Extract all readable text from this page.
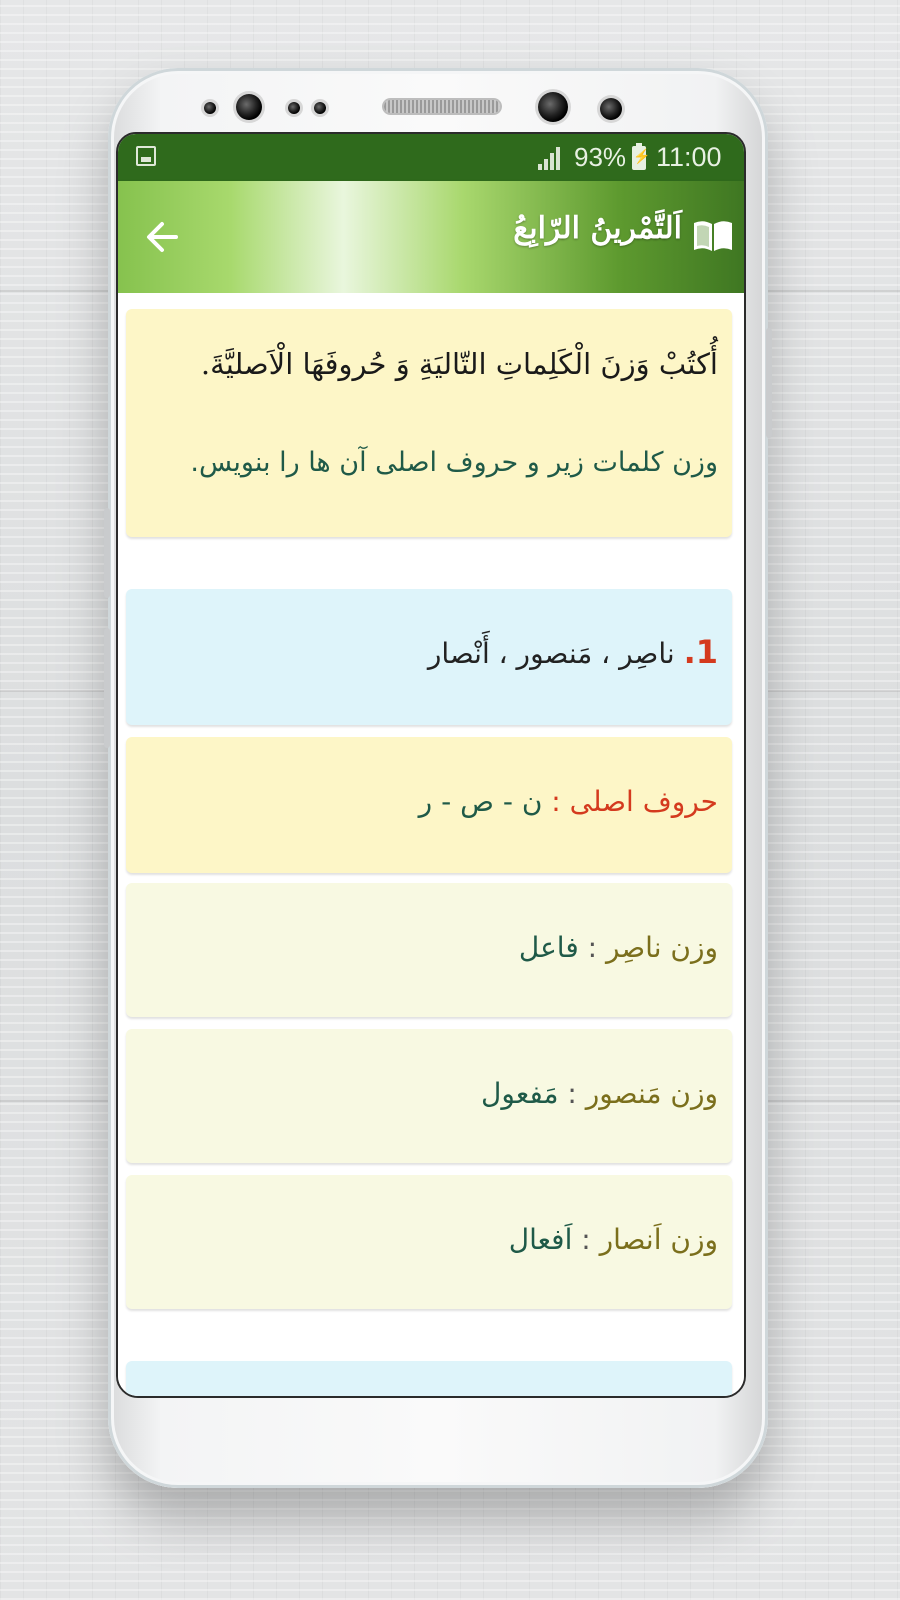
93%
⚡ 11:00
اَلتَّمْرینُ الرّابِعُ
أُكتُبْ وَزنَ الْكَلِماتِ التّالیَةِ وَ حُروفَهَا الْاَصلیَّةَ.
وزن کلمات زیر و حروف اصلی آن ها را بنویس.
1. ناصِر ، مَنصور ، أَنْصار
حروف اصلی : ن - ص - ر
وزن ناصِر : فاعل
وزن مَنصور : مَفعول
وزن اَنصار : اَفعال
